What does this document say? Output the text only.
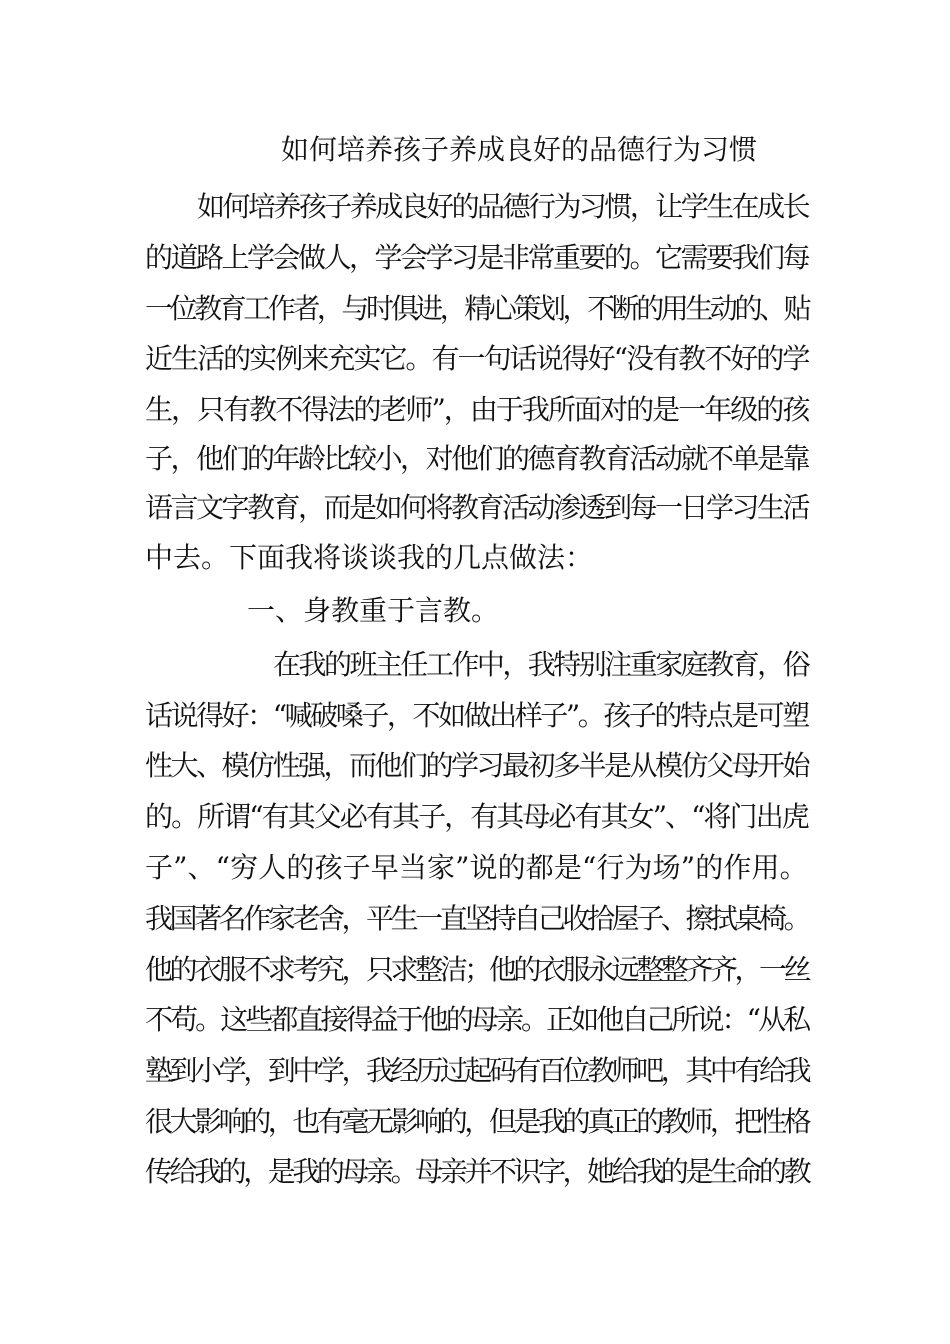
如何培养孩子养成良好的品德行为习惯
如何培养孩子养成良好的品德行为习惯，让学生在成长
的道路上学会做人，学会学习是非常重要的。它需要我们每
一位教育工作者，与时俱进，精心策划，不断的用生动的、贴
近生活的实例来充实它。有一句话说得好“没有教不好的学
生，只有教不得法的老师”，由于我所面对的是一年级的孩
子，他们的年龄比较小，对他们的德育教育活动就不单是靠
语言文字教育，而是如何将教育活动渗透到每一日学习生活
中去。下面我将谈谈我的几点做法：
一、身教重于言教。
在我的班主任工作中，我特别注重家庭教育，俗
话说得好：“喊破嗓子，不如做出样子”。孩子的特点是可塑
性大、模仿性强，而他们的学习最初多半是从模仿父母开始
的。所谓“有其父必有其子，有其母必有其女”、“将门出虎
子”、“穷人的孩子早当家”说的都是“行为场”的作用。
我国著名作家老舍，平生一直坚持自己收拾屋子、擦拭桌椅。
他的衣服不求考究，只求整洁；他的衣服永远整整齐齐，一丝
不苟。这些都直接得益于他的母亲。正如他自己所说：“从私
塾到小学，到中学，我经历过起码有百位教师吧，其中有给我
很大影响的，也有毫无影响的，但是我的真正的教师，把性格
传给我的，是我的母亲。母亲并不识字，她给我的是生命的教
